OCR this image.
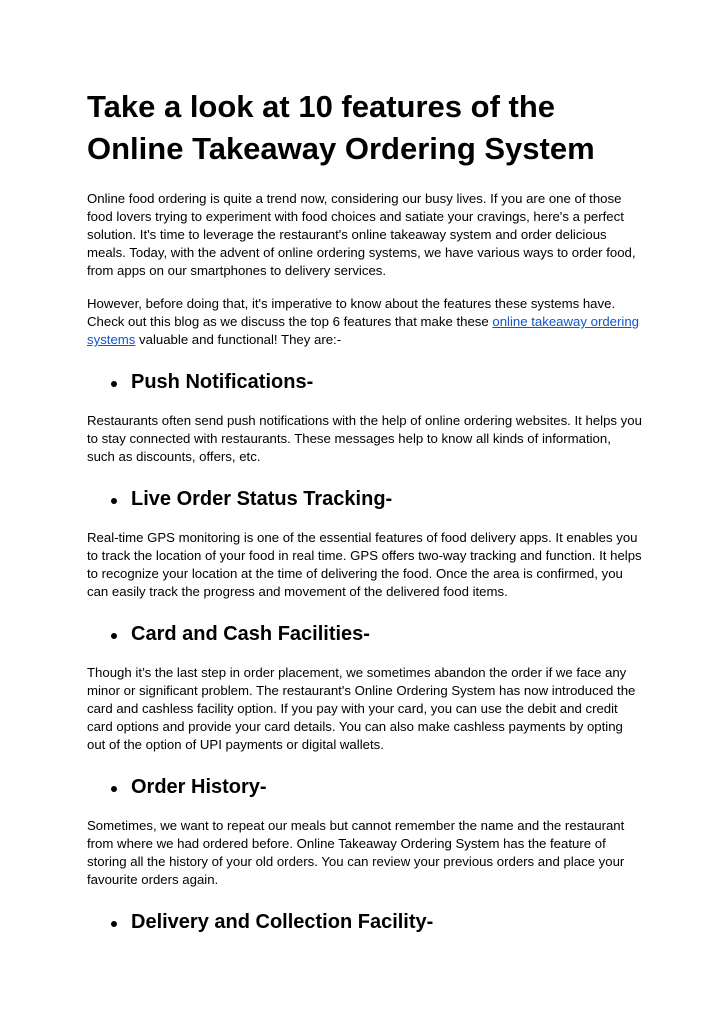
Take a look at 10 features of the
Online Takeaway Ordering System

Online food ordering is quite a trend now, considering our busy lives. If you are one of those food lovers trying to experiment with food choices and satiate your cravings, here's a perfect solution. It's time to leverage the restaurant's online takeaway system and order delicious meals. Today, with the advent of online ordering systems, we have various ways to order food, from apps on our smartphones to delivery services.

However, before doing that, it's imperative to know about the features these systems have. Check out this blog as we discuss the top 6 features that make these online takeaway ordering systems valuable and functional! They are:-

Push Notifications-

Restaurants often send push notifications with the help of online ordering websites. It helps you to stay connected with restaurants. These messages help to know all kinds of information, such as discounts, offers, etc.

Live Order Status Tracking-

Real-time GPS monitoring is one of the essential features of food delivery apps. It enables you to track the location of your food in real time. GPS offers two-way tracking and function. It helps to recognize your location at the time of delivering the food. Once the area is confirmed, you can easily track the progress and movement of the delivered food items.

Card and Cash Facilities-

Though it’s the last step in order placement, we sometimes abandon the order if we face any minor or significant problem. The restaurant's Online Ordering System has now introduced the card and cashless facility option. If you pay with your card, you can use the debit and credit card options and provide your card details. You can also make cashless payments by opting out of the option of UPI payments or digital wallets.

Order History-

Sometimes, we want to repeat our meals but cannot remember the name and the restaurant from where we had ordered before. Online Takeaway Ordering System has the feature of storing all the history of your old orders. You can review your previous orders and place your favourite orders again.

Delivery and Collection Facility-
